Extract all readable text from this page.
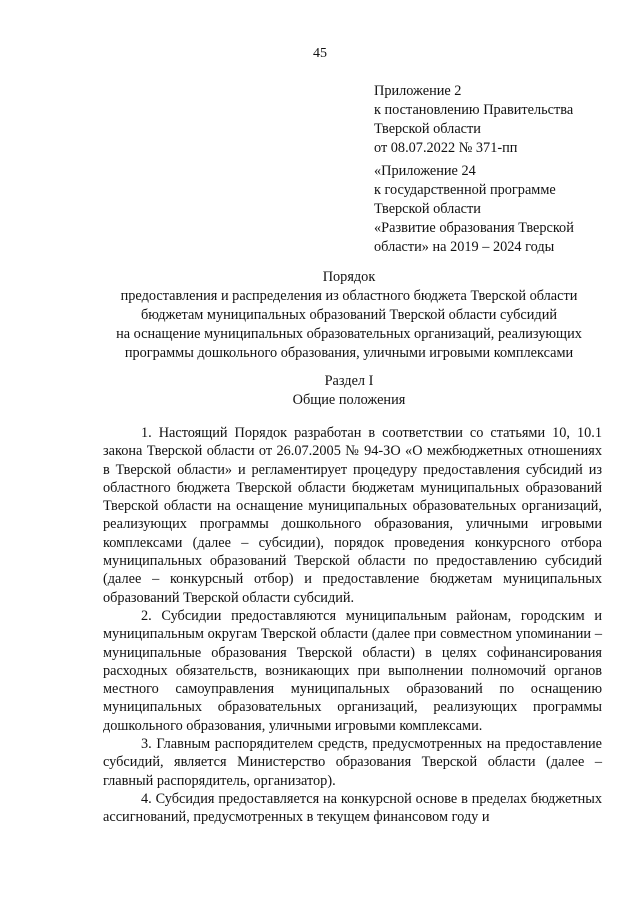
45
Приложение 2
к постановлению Правительства
Тверской области
от 08.07.2022 № 371-пп
«Приложение 24
к государственной программе
Тверской области
«Развитие образования Тверской
области» на 2019 – 2024 годы
Порядок
предоставления и распределения из областного бюджета Тверской области
бюджетам муниципальных образований Тверской области субсидий
на оснащение муниципальных образовательных организаций, реализующих
программы дошкольного образования, уличными игровыми комплексами
Раздел I
Общие положения

1. Настоящий Порядок разработан в соответствии со статьями 10, 10.1 закона Тверской области от 26.07.2005 № 94-ЗО «О межбюджетных отношениях в Тверской области» и регламентирует процедуру предоставления субсидий из областного бюджета Тверской области бюджетам муниципальных образований Тверской области на оснащение муниципальных образовательных организаций, реализующих программы дошкольного образования, уличными игровыми комплексами (далее – субсидии), порядок проведения конкурсного отбора муниципальных образований Тверской области по предоставлению субсидий (далее – конкурсный отбор) и предоставление бюджетам муниципальных образований Тверской области субсидий.

2. Субсидии предоставляются муниципальным районам, городским и муниципальным округам Тверской области (далее при совместном упоминании – муниципальные образования Тверской области) в целях софинансирования расходных обязательств, возникающих при выполнении полномочий органов местного самоуправления муниципальных образований по оснащению муниципальных образовательных организаций, реализующих программы дошкольного образования, уличными игровыми комплексами.

3. Главным распорядителем средств, предусмотренных на предоставление субсидий, является Министерство образования Тверской области (далее – главный распорядитель, организатор).

4. Субсидия предоставляется на конкурсной основе в пределах бюджетных ассигнований, предусмотренных в текущем финансовом году и
